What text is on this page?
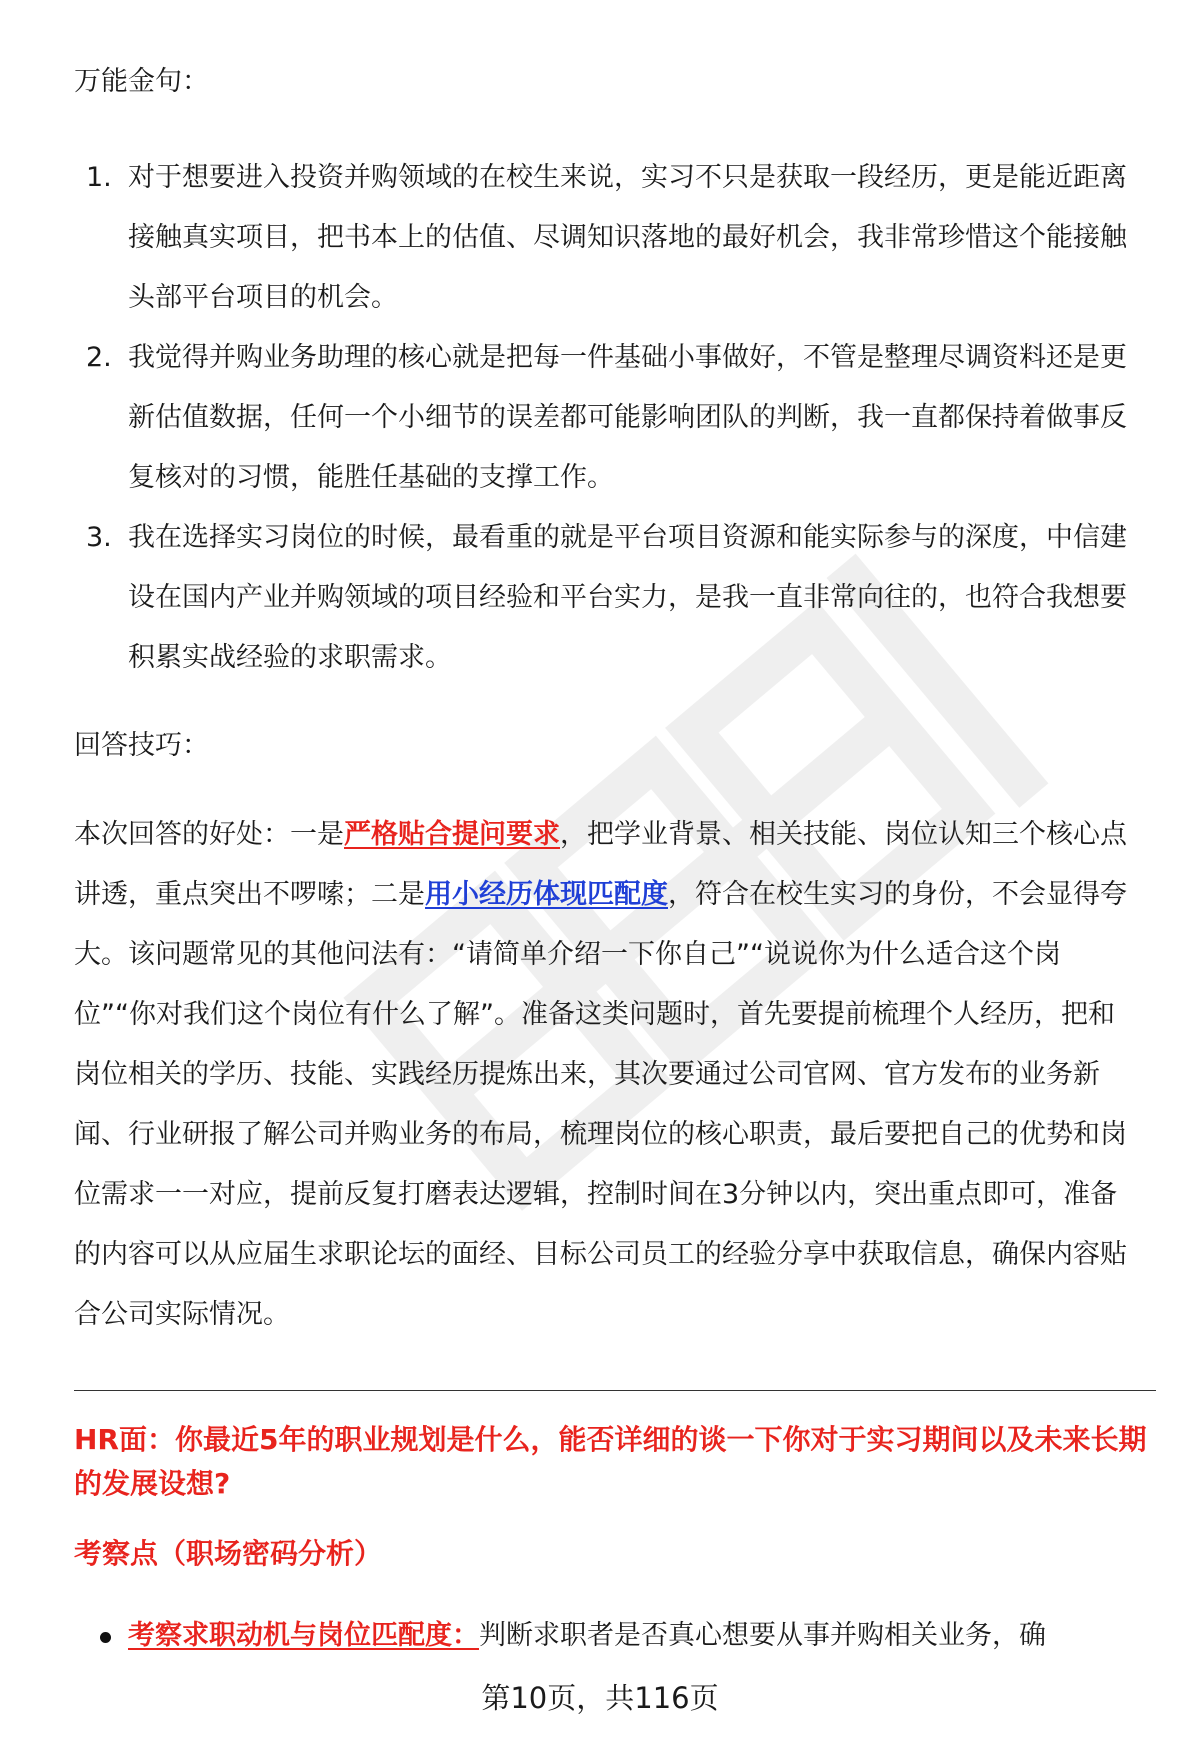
万能金句：
1. 对于想要进入投资并购领域的在校生来说，实习不只是获取一段经历，更是能近距离接触真实项目，把书本上的估值、尽调知识落地的最好机会，我非常珍惜这个能接触头部平台项目的机会。
2. 我觉得并购业务助理的核心就是把每一件基础小事做好，不管是整理尽调资料还是更新估值数据，任何一个小细节的误差都可能影响团队的判断，我一直都保持着做事反复核对的习惯，能胜任基础的支撑工作。
3. 我在选择实习岗位的时候，最看重的就是平台项目资源和能实际参与的深度，中信建设在国内产业并购领域的项目经验和平台实力，是我一直非常向往的，也符合我想要积累实战经验的求职需求。
回答技巧：
本次回答的好处：一是严格贴合提问要求，把学业背景、相关技能、岗位认知三个核心点讲透，重点突出不啰嗦；二是用小经历体现匹配度，符合在校生实习的身份，不会显得夸大。该问题常见的其他问法有：“请简单介绍一下你自己”“说说你为什么适合这个岗位”“你对我们这个岗位有什么了解”。准备这类问题时，首先要提前梳理个人经历，把和岗位相关的学历、技能、实践经历提炼出来，其次要通过公司官网、官方发布的业务新闻、行业研报了解公司并购业务的布局，梳理岗位的核心职责，最后要把自己的优势和岗位需求一一对应，提前反复打磨表达逻辑，控制时间在3分钟以内，突出重点即可，准备的内容可以从应届生求职论坛的面经、目标公司员工的经验分享中获取信息，确保内容贴合公司实际情况。
HR面：你最近5年的职业规划是什么，能否详细的谈一下你对于实习期间以及未来长期的发展设想?
考察点（职场密码分析）
考察求职动机与岗位匹配度：判断求职者是否真心想要从事并购相关业务，确
第10页，共116页
